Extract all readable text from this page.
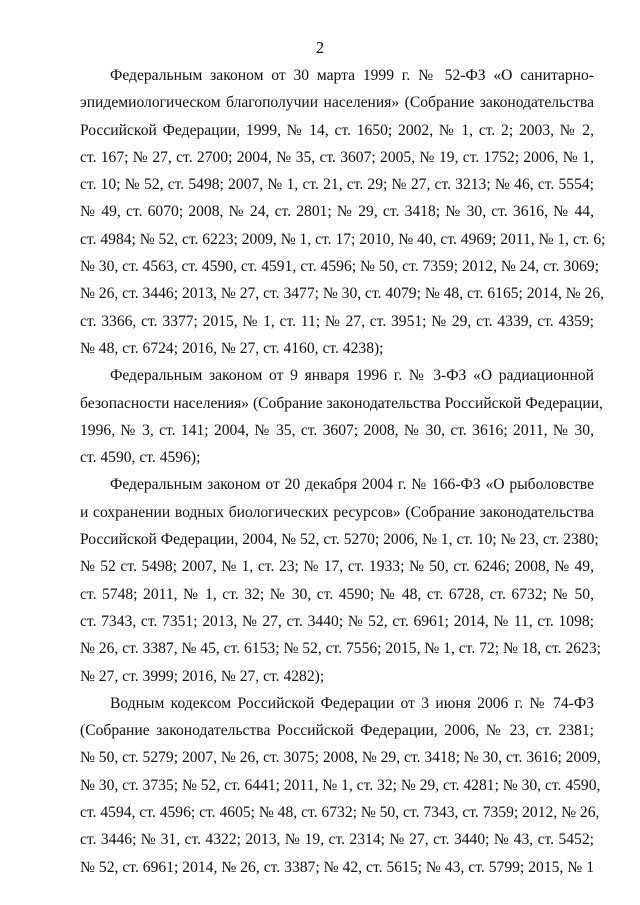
2
Федеральным законом от 30 марта 1999 г. № 52-ФЗ «О санитарно-
эпидемиологическом благополучии населения» (Собрание законодательства
Российской Федерации, 1999, № 14, ст. 1650; 2002, № 1, ст. 2; 2003, № 2,
ст. 167; № 27, ст. 2700; 2004, № 35, ст. 3607; 2005, № 19, ст. 1752; 2006, № 1,
ст. 10; № 52, ст. 5498; 2007, № 1, ст. 21, ст. 29; № 27, ст. 3213; № 46, ст. 5554;
№ 49, ст. 6070; 2008, № 24, ст. 2801; № 29, ст. 3418; № 30, ст. 3616, № 44,
ст. 4984; № 52, ст. 6223; 2009, № 1, ст. 17; 2010, № 40, ст. 4969; 2011, № 1, ст. 6;
№ 30, ст. 4563, ст. 4590, ст. 4591, ст. 4596; № 50, ст. 7359; 2012, № 24, ст. 3069;
№ 26, ст. 3446; 2013, № 27, ст. 3477; № 30, ст. 4079; № 48, ст. 6165; 2014, № 26,
ст. 3366, ст. 3377; 2015, № 1, ст. 11; № 27, ст. 3951; № 29, ст. 4339, ст. 4359;
№ 48, ст. 6724; 2016, № 27, ст. 4160, ст. 4238);
Федеральным законом от 9 января 1996 г. № 3-ФЗ «О радиационной
безопасности населения» (Собрание законодательства Российской Федерации,
1996, № 3, ст. 141; 2004, № 35, ст. 3607; 2008, № 30, ст. 3616; 2011, № 30,
ст. 4590, ст. 4596);
Федеральным законом от 20 декабря 2004 г. № 166-ФЗ «О рыболовстве
и сохранении водных биологических ресурсов» (Собрание законодательства
Российской Федерации, 2004, № 52, ст. 5270; 2006, № 1, ст. 10; № 23, ст. 2380;
№ 52 ст. 5498; 2007, № 1, ст. 23; № 17, ст. 1933; № 50, ст. 6246; 2008, № 49,
ст. 5748; 2011, № 1, ст. 32; № 30, ст. 4590; № 48, ст. 6728, ст. 6732; № 50,
ст. 7343, ст. 7351; 2013, № 27, ст. 3440; № 52, ст. 6961; 2014, № 11, ст. 1098;
№ 26, ст. 3387, № 45, ст. 6153; № 52, ст. 7556; 2015, № 1, ст. 72; № 18, ст. 2623;
№ 27, ст. 3999; 2016, № 27, ст. 4282);
Водным кодексом Российской Федерации от 3 июня 2006 г. № 74-ФЗ
(Собрание законодательства Российской Федерации, 2006, № 23, ст. 2381;
№ 50, ст. 5279; 2007, № 26, ст. 3075; 2008, № 29, ст. 3418; № 30, ст. 3616; 2009,
№ 30, ст. 3735; № 52, ст. 6441; 2011, № 1, ст. 32; № 29, ст. 4281; № 30, ст. 4590,
ст. 4594, ст. 4596; ст. 4605; № 48, ст. 6732; № 50, ст. 7343, ст. 7359; 2012, № 26,
ст. 3446; № 31, ст. 4322; 2013, № 19, ст. 2314; № 27, ст. 3440; № 43, ст. 5452;
№ 52, ст. 6961; 2014, № 26, ст. 3387; № 42, ст. 5615; № 43, ст. 5799; 2015, № 1
